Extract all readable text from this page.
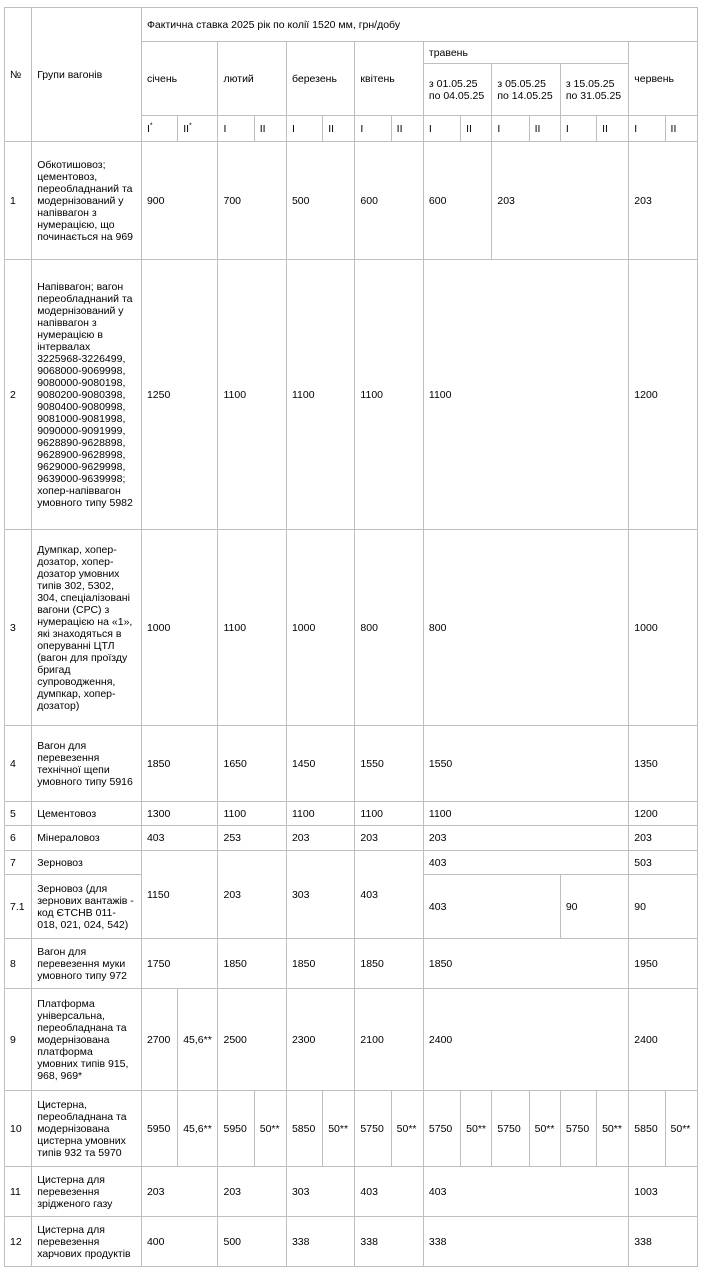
№	Групи вагонів	Фактична ставка 2025 рік по колії 1520 мм, грн/добу															
		січень		лютий		березень		квітень		травень						червень	
										з 01.05.25 по 04.05.25		з 05.05.25 по 14.05.25		з 15.05.25 по 31.05.25			
		I*	II*	I	II	I	II	I	II	I	II	I	II	I	II	I	II
1	Обкотишовоз; цементовоз, переобладнаний та модернізований у напіввагон з нумерацією, що починається на 969	900		700		500		600		600		203				203	
2	Напіввагон; вагон переобладнаний та модернізований у напіввагон з нумерацією в інтервалах 3225968-3226499, 9068000-9069998, 9080000-9080198, 9080200-9080398, 9080400-9080998, 9081000-9081998, 9090000-9091999, 9628890-9628898, 9628900-9628998, 9629000-9629998, 9639000-9639998; хопер-напіввагон умовного типу 5982	1250		1100		1100		1100		1100						1200	
3	Думпкар, хопер-дозатор, хопер-дозатор умовних типів 302, 5302, 304, спеціалізовані вагони (СРС) з нумерацією на «1», які знаходяться в оперуванні ЦТЛ (вагон для проїзду бригад супроводження, думпкар, хопер-дозатор)	1000		1100		1000		800		800						1000	
4	Вагон для перевезення технічної щепи умовного типу 5916	1850		1650		1450		1550		1550						1350	
5	Цементовоз	1300		1100		1100		1100		1100						1200	
6	Мінераловоз	403		253		203		203		203						203	
7	Зерновоз	1150		203		303		403		403						503	
7.1	Зерновоз (для зернових вантажів - код ЄТСНВ 011-018, 021, 024, 542)									403				90		90	
8	Вагон для перевезення муки умовного типу 972	1750		1850		1850		1850		1850						1950	
9	Платформа універсальна, переобладнана та модернізована платформа умовних типів 915, 968, 969*	2700	45,6**	2500		2300		2100		2400						2400	
10	Цистерна, переобладнана та модернізована цистерна умовних типів 932 та 5970	5950	45,6**	5950	50**	5850	50**	5750	50**	5750	50**	5750	50**	5750	50**	5850	50**
11	Цистерна для перевезення зрідженого газу	203		203		303		403		403						1003	
12	Цистерна для перевезення харчових продуктів	400		500		338		338		338						338	
